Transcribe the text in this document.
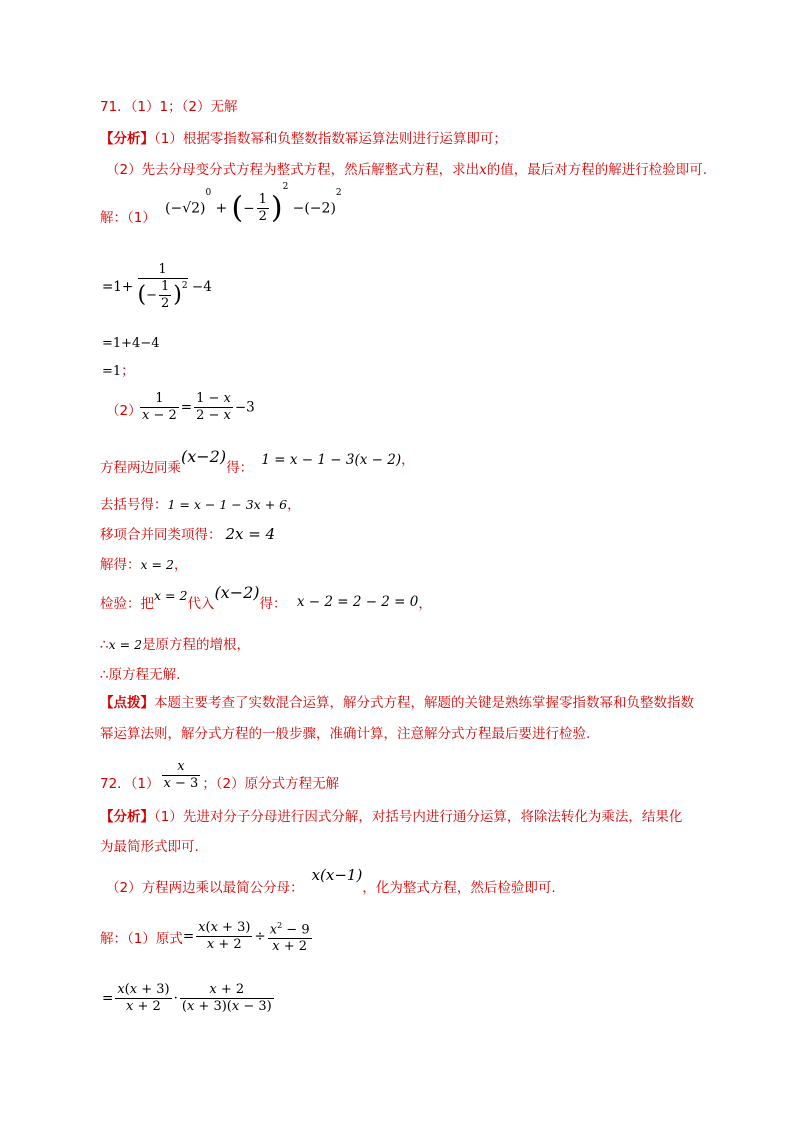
71．（1）1；（2）无解
【分析】（1）根据零指数幂和负整数指数幂运算法则进行运算即可；
（2）先去分母变分式方程为整式方程，然后解整式方程，求出x的值，最后对方程的解进行检验即可.
解：（1）
$(-√2)^0$ + (− $\frac{1}{2} )^2 -(-2)^2$
$=1+ \frac{1}{(- \frac{1}{2} )^2} -4$
=1+4−4
=1；
（2）
$\frac{1}{x - 2} = \frac{1 - x}{2 - x} -3$
方程两边同乘(x−2)得： 1 = x − 1 − 3(x − 2)，
去括号得：1 = x − 1 − 3x + 6，
移项合并同类项得： 2x = 4
解得：x = 2，
检验：把x = 2代入(x−2)得： x − 2 = 2 − 2 = 0，
∴x = 2是原方程的增根，
∴原方程无解.
【点拨】本题主要考查了实数混合运算，解分式方程，解题的关键是熟练掌握零指数幂和负整数指数
幂运算法则，解分式方程的一般步骤，准确计算，注意解分式方程最后要进行检验.
72．$(1) \frac{x}{x - 3}$ ；（2）原分式方程无解
【分析】（1）先进对分子分母进行因式分解，对括号内进行通分运算，将除法转化为乘法，结果化
为最简形式即可.
（2）方程两边乘以最简公分母：x(x−1)，化为整式方程，然后检验即可.
解：（1）原式= $\frac{x(x + 3)}{x + 2} \div \frac{x^2 - 9}{x + 2}$
= $\frac{x(x + 3)}{x + 2} \cdot \frac{x + 2}{(x + 3)(x - 3)}$
